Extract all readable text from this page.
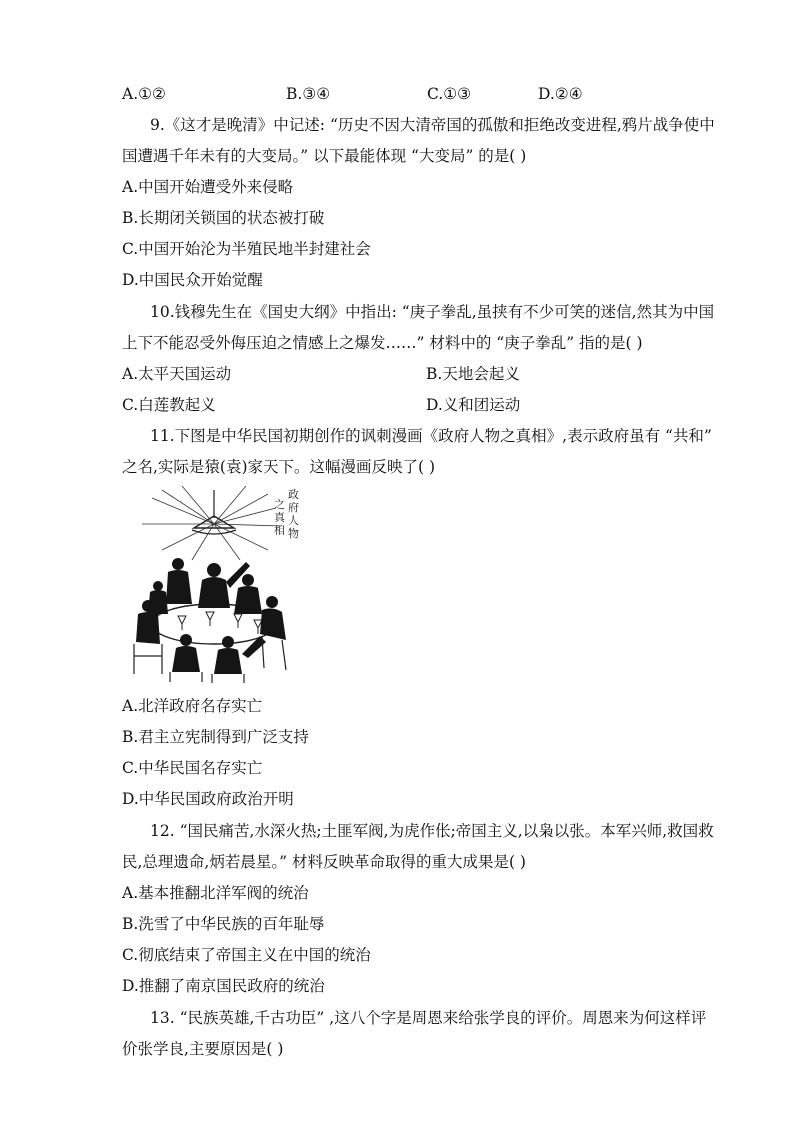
A.①②	B.③④	C.①③	D.②④
9.《这才是晚清》中记述: “历史不因大清帝国的孤傲和拒绝改变进程,鸦片战争使中
国遭遇千年未有的大变局。” 以下最能体现 “大变局” 的是( )
A.中国开始遭受外来侵略
B.长期闭关锁国的状态被打破
C.中国开始沦为半殖民地半封建社会
D.中国民众开始觉醒
10.钱穆先生在《国史大纲》中指出: “庚子拳乱,虽挟有不少可笑的迷信,然其为中国
上下不能忍受外侮压迫之情感上之爆发……” 材料中的 “庚子拳乱” 指的是( )
A.太平天国运动	B.天地会起义
C.白莲教起义	D.义和团运动
11.下图是中华民国初期创作的讽刺漫画《政府人物之真相》,表示政府虽有 “共和”
之名,实际是猿(袁)家天下。这幅漫画反映了( )
政府人物之真相
A.北洋政府名存实亡
B.君主立宪制得到广泛支持
C.中华民国名存实亡
D.中华民国政府政治开明
12. “国民痛苦,水深火热;土匪军阀,为虎作伥;帝国主义,以枭以张。本军兴师,救国救
民,总理遗命,炳若晨星。” 材料反映革命取得的重大成果是( )
A.基本推翻北洋军阀的统治
B.洗雪了中华民族的百年耻辱
C.彻底结束了帝国主义在中国的统治
D.推翻了南京国民政府的统治
13. “民族英雄,千古功臣” ,这八个字是周恩来给张学良的评价。周恩来为何这样评
价张学良,主要原因是( )
